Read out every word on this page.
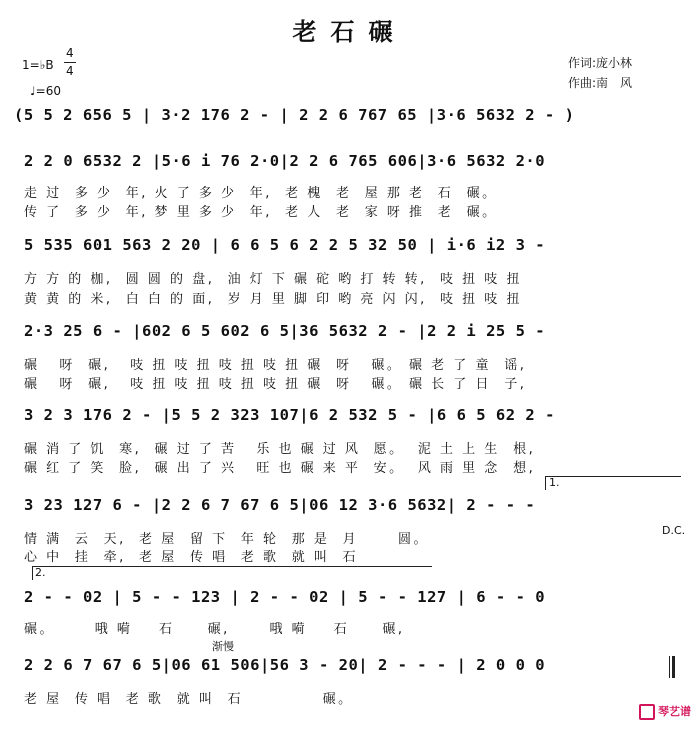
老石碾
1=♭B
4
4
♩=60
作词:庞小林
作曲:南　风
(5 5 2 656 5 | 3·2 176 2 - | 2 2 6 767 65 |3·6 5632 2 - )
2 2 0 6532 2 |5·6 i 76 2·0|2 2 6 765 606|3·6 5632 2·0
走 过  多 少  年, 火 了 多 少  年,  老 槐  老  屋 那 老  石  碾。
传 了  多 少  年, 梦 里 多 少  年,  老 人  老  家 呀 推  老  碾。
5 535 601 563 2 20 | 6 6 5 6 2 2 5 32 50 | i·6 i2 3 -
方 方 的 枷,  圆 圆 的 盘,  油 灯 下 碾 砣 哟 打 转 转,  吱 扭 吱 扭
黄 黄 的 米,  白 白 的 面,  岁 月 里 脚 印 哟 亮 闪 闪,  吱 扭 吱 扭
2·3 25 6 - |602 6 5 602 6 5|36 5632 2 - |2 2 i 25 5 -
碾   呀  碾,   吱 扭 吱 扭 吱 扭 吱 扭 碾  呀   碾。 碾 老 了 童  谣,
碾   呀  碾,   吱 扭 吱 扭 吱 扭 吱 扭 碾  呀   碾。 碾 长 了 日  子,
3 2 3 176 2 - |5 5 2 323 107|6 2 532 5 - |6 6 5 62 2 -
碾 消 了 饥  寒,  碾 过 了 苦   乐 也 碾 过 风  愿。  泥 土 上 生  根,
碾 红 了 笑  脸,  碾 出 了 兴   旺 也 碾 来 平  安。  风 雨 里 念  想,
1.
3 23 127 6 - |2 2 6 7 67 6 5|06 12 3·6 5632| 2 - - -
D.C.
情 满  云  天,  老 屋  留 下  年 轮  那 是  月      圆。
心 中  挂  牵,  老 屋  传 唱  老 歌  就 叫  石
2.
2 - - 02 | 5 - - 123 | 2 - - 02 | 5 - - 127 | 6 - - 0
碾。      哦 嗬    石     碾,      哦 嗬    石     碾,
渐慢
2 2 6 7 67 6 5|06 61 506|56 3 - 20| 2 - - - | 2 0 0 0
老 屋  传 唱  老 歌  就 叫  石            碾。

琴艺谱
